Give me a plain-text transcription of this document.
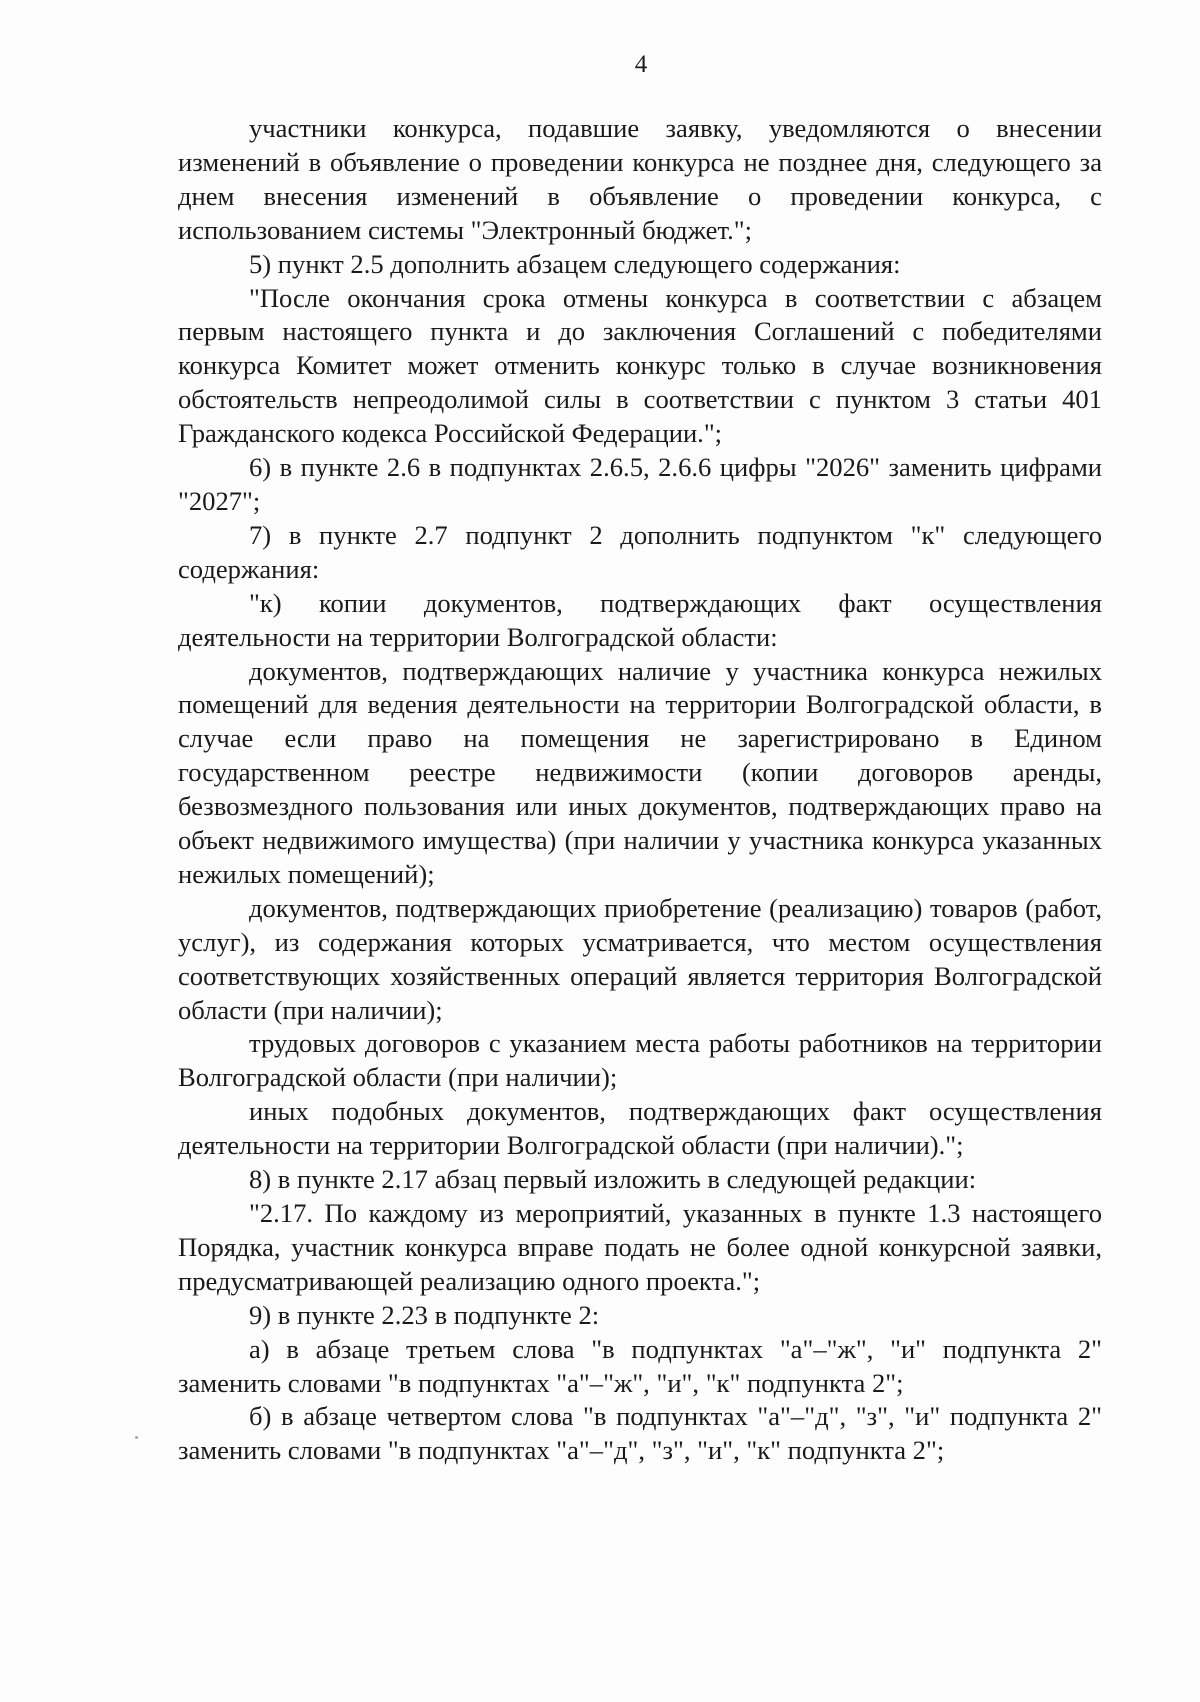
4

участники конкурса, подавшие заявку, уведомляются о внесении изменений в объявление о проведении конкурса не позднее дня, следующего за днем внесения изменений в объявление о проведении конкурса, с использованием системы "Электронный бюджет.";

5) пункт 2.5 дополнить абзацем следующего содержания:

"После окончания срока отмены конкурса в соответствии с абзацем первым настоящего пункта и до заключения Соглашений с победителями конкурса Комитет может отменить конкурс только в случае возникновения обстоятельств непреодолимой силы в соответствии с пунктом 3 статьи 401 Гражданского кодекса Российской Федерации.";

6) в пункте 2.6 в подпунктах 2.6.5, 2.6.6 цифры "2026" заменить цифрами "2027";

7) в пункте 2.7 подпункт 2 дополнить подпунктом "к" следующего содержания:

"к) копии документов, подтверждающих факт осуществления деятельности на территории Волгоградской области:

документов, подтверждающих наличие у участника конкурса нежилых помещений для ведения деятельности на территории Волгоградской области, в случае если право на помещения не зарегистрировано в Едином государственном реестре недвижимости (копии договоров аренды, безвозмездного пользования или иных документов, подтверждающих право на объект недвижимого имущества) (при наличии у участника конкурса указанных нежилых помещений);

документов, подтверждающих приобретение (реализацию) товаров (работ, услуг), из содержания которых усматривается, что местом осуществления соответствующих хозяйственных операций является территория Волгоградской области (при наличии);

трудовых договоров с указанием места работы работников на территории Волгоградской области (при наличии);

иных подобных документов, подтверждающих факт осуществления деятельности на территории Волгоградской области (при наличии).";

8) в пункте 2.17 абзац первый изложить в следующей редакции:

"2.17. По каждому из мероприятий, указанных в пункте 1.3 настоящего Порядка, участник конкурса вправе подать не более одной конкурсной заявки, предусматривающей реализацию одного проекта.";

9) в пункте 2.23 в подпункте 2:

а) в абзаце третьем слова "в подпунктах "а"–"ж", "и" подпункта 2" заменить словами "в подпунктах "а"–"ж", "и", "к" подпункта 2";

б) в абзаце четвертом слова "в подпунктах "а"–"д", "з", "и" подпункта 2" заменить словами "в подпунктах "а"–"д", "з", "и", "к" подпункта 2";
